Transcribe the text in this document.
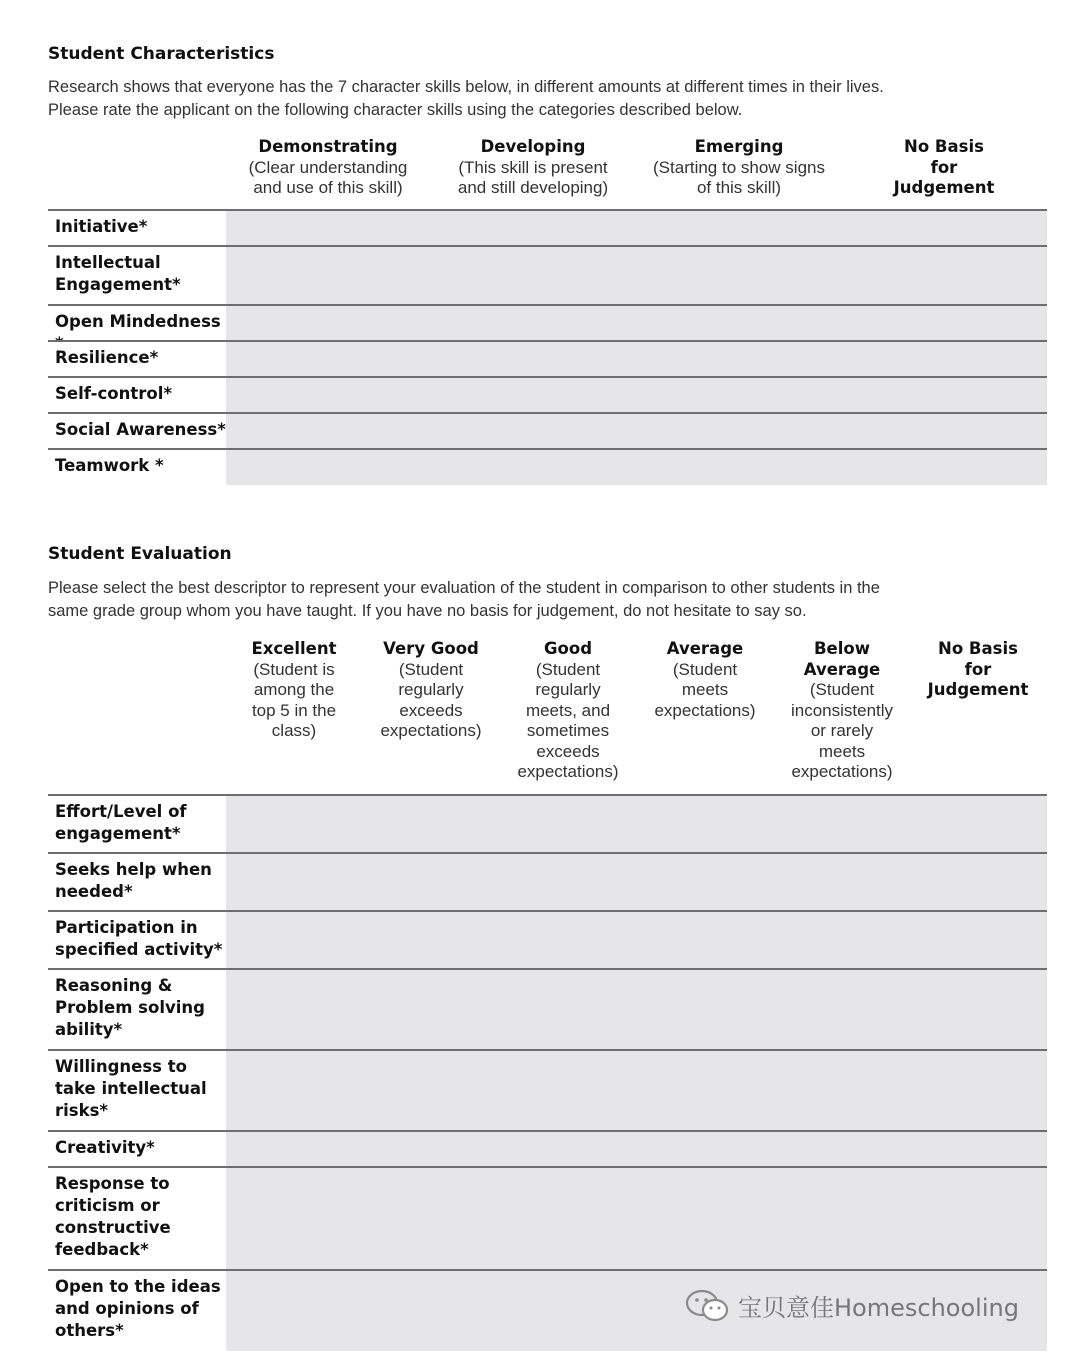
Student Characteristics
Research shows that everyone has the 7 character skills below, in different amounts at different times in their lives.
Please rate the applicant on the following character skills using the categories described below.
Demonstrating
(Clear understanding
and use of this skill)
Developing
(This skill is present
and still developing)
Emerging
(Starting to show signs
of this skill)
No Basis
for
Judgement
Initiative*
Intellectual
Engagement*
Open Mindedness
Resilience*
Self-control*
Social Awareness*
Teamwork *
Student Evaluation
Please select the best descriptor to represent your evaluation of the student in comparison to other students in the
same grade group whom you have taught. If you have no basis for judgement, do not hesitate to say so.
Excellent
(Student is
among the
top 5 in the
class)
Very Good
(Student
regularly
exceeds
expectations)
Good
(Student
regularly
meets, and
sometimes
exceeds
expectations)
Average
(Student
meets
expectations)
Below
Average
(Student
inconsistently
or rarely
meets
expectations)
No Basis
for
Judgement
Effort/Level of
engagement*
Seeks help when
needed*
Participation in
specified activity*
Reasoning &
Problem solving
ability*
Willingness to
take intellectual
risks*
Creativity*
Response to
criticism or
constructive
feedback*
Open to the ideas
and opinions of
others*
宝贝意佳Homeschooling
